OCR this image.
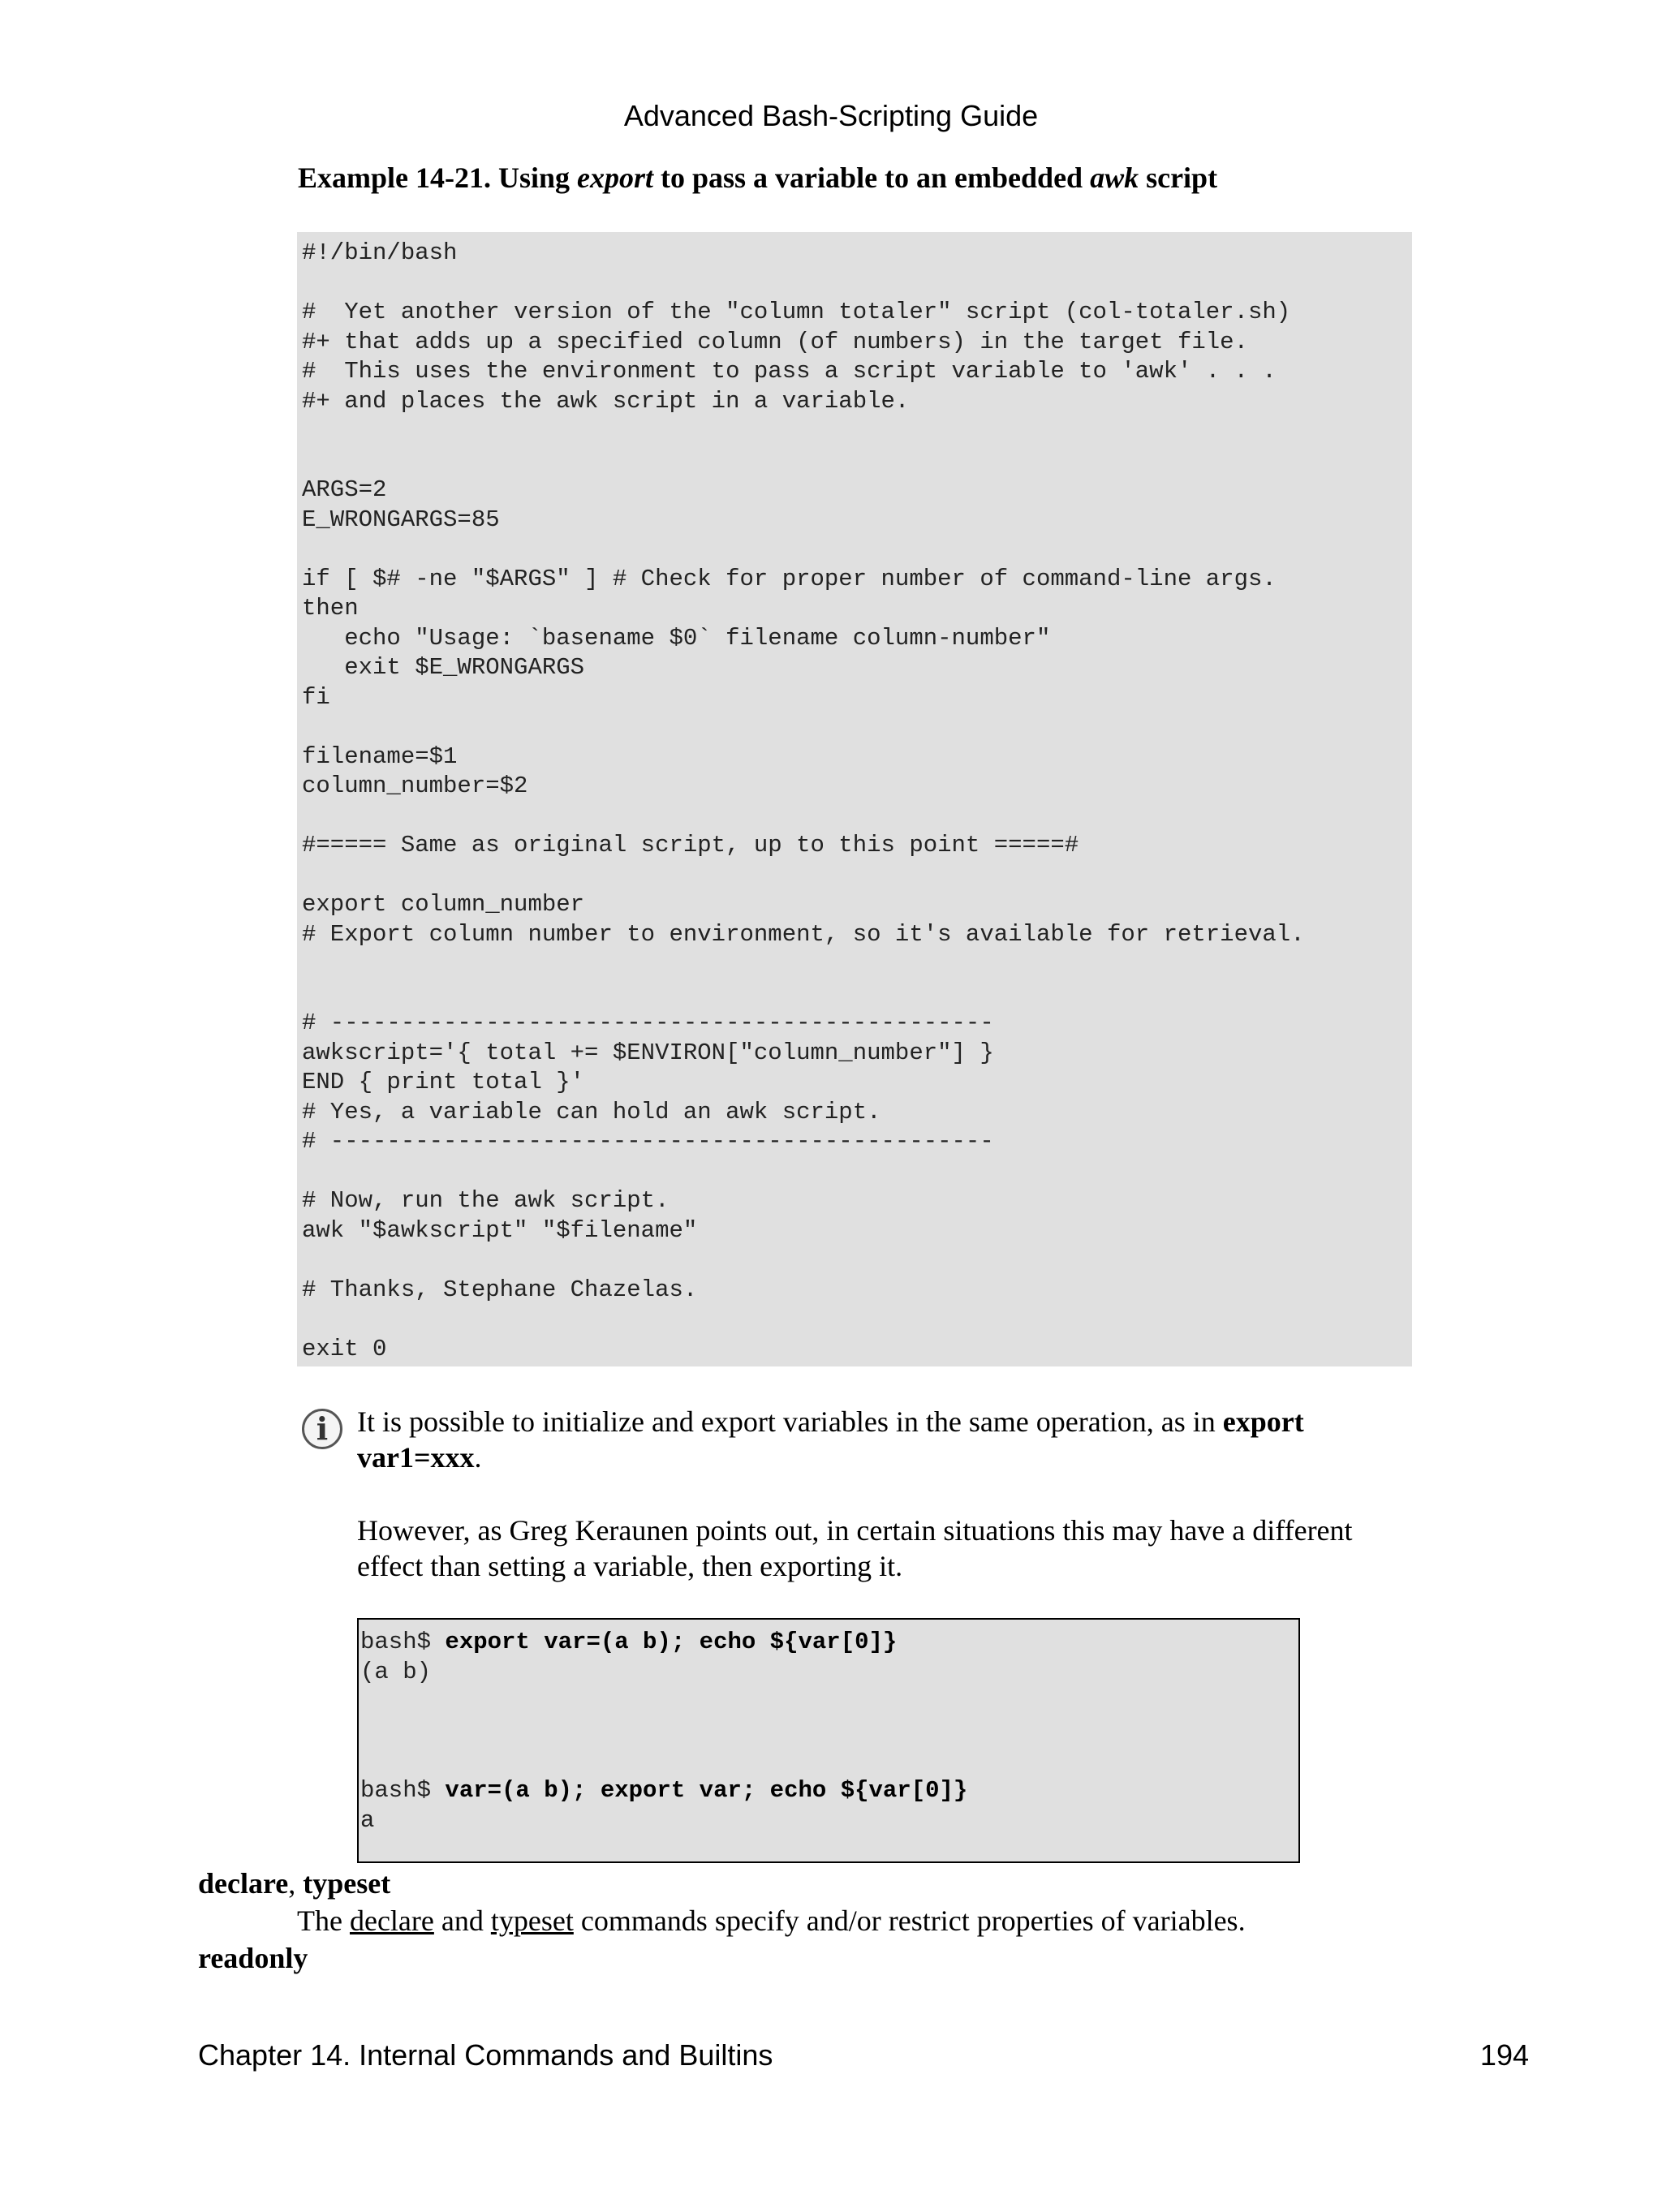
Advanced Bash-Scripting Guide
Example 14-21. Using export to pass a variable to an embedded awk script
#!/bin/bash

#  Yet another version of the "column totaler" script (col-totaler.sh)
#+ that adds up a specified column (of numbers) in the target file.
#  This uses the environment to pass a script variable to 'awk' . . .
#+ and places the awk script in a variable.

ARGS=2
E_WRONGARGS=85

if [ $# -ne "$ARGS" ] # Check for proper number of command-line args.
then
echo "Usage: `basename $0` filename column-number"
exit $E_WRONGARGS
fi

filename=$1
column_number=$2

#===== Same as original script, up to this point =====#

export column_number
# Export column number to environment, so it's available for retrieval.

# -----------------------------------------------
awkscript='{ total += $ENVIRON["column_number"] }
END { print total }'
# Yes, a variable can hold an awk script.
# -----------------------------------------------

# Now, run the awk script.
awk "$awkscript" "$filename"

# Thanks, Stephane Chazelas.

exit 0
i It is possible to initialize and export variables in the same operation, as in export var1=xxx.
However, as Greg Keraunen points out, in certain situations this may have a different effect than setting a variable, then exporting it.
bash$ export var=(a b); echo ${var[0]}
(a b)
bash$ var=(a b); export var; echo ${var[0]}
a
declare, typeset
The declare and typeset commands specify and/or restrict properties of variables.
readonly
Chapter 14. Internal Commands and Builtins	194
